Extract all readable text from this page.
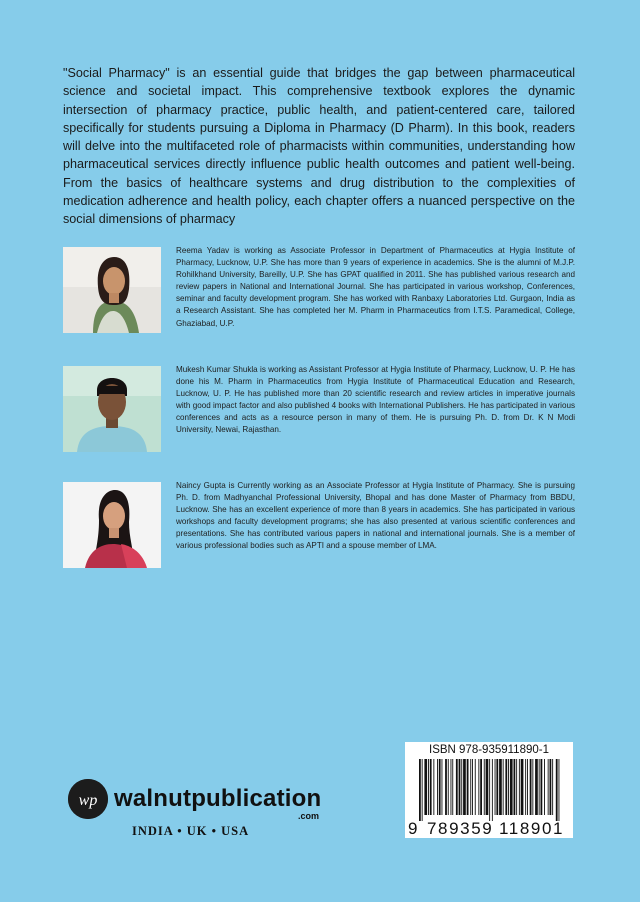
"Social Pharmacy" is an essential guide that bridges the gap between pharmaceutical science and societal impact. This comprehensive textbook explores the dynamic intersection of pharmacy practice, public health, and patient-centered care, tailored specifically for students pursuing a Diploma in Pharmacy (D Pharm). In this book, readers will delve into the multifaceted role of pharmacists within communities, understanding how pharmaceutical services directly influence public health outcomes and patient well-being. From the basics of healthcare systems and drug distribution to the complexities of medication adherence and health policy, each chapter offers a nuanced perspective on the social dimensions of pharmacy

Reema Yadav is working as Associate Professor in Department of Pharmaceutics at Hygia Institute of Pharmacy, Lucknow, U.P. She has more than 9 years of experience in academics. She is the alumni of M.J.P. Rohilkhand University, Bareilly, U.P. She has GPAT qualified in 2011. She has published various research and review papers in National and International Journal. She has participated in various workshop, Conferences, seminar and faculty development program. She has worked with Ranbaxy Laboratories Ltd. Gurgaon, India as a Research Assistant. She has completed her M. Pharm in Pharmaceutics from I.T.S. Paramedical, College, Ghaziabad, U.P.

Mukesh Kumar Shukla is working as Assistant Professor at Hygia Institute of Pharmacy, Lucknow, U. P. He has done his M. Pharm in Pharmaceutics from Hygia Institute of Pharmaceutical Education and Research, Lucknow, U. P. He has published more than 20 scientific research and review articles in imperative journals with good impact factor and also published 4 books with International Publishers. He has participated in various conferences and acts as a resource person in many of them. He is pursuing Ph. D. from Dr. K N Modi University, Newai, Rajasthan.

Naincy Gupta is Currently working as an Associate Professor at Hygia Institute of Pharmacy. She is pursuing Ph. D. from Madhyanchal Professional University, Bhopal and has done Master of Pharmacy from BBDU, Lucknow. She has an excellent experience of more than 8 years in academics. She has participated in various workshops and faculty development programs; she has also presented at various scientific conferences and presentations. She has contributed various papers in national and international journals. She is a member of various professional bodies such as APTI and a spouse member of LMA.

wp walnutpublication
.com
INDIA • UK • USA
ISBN 978-935911890-1
9 789359 118901
